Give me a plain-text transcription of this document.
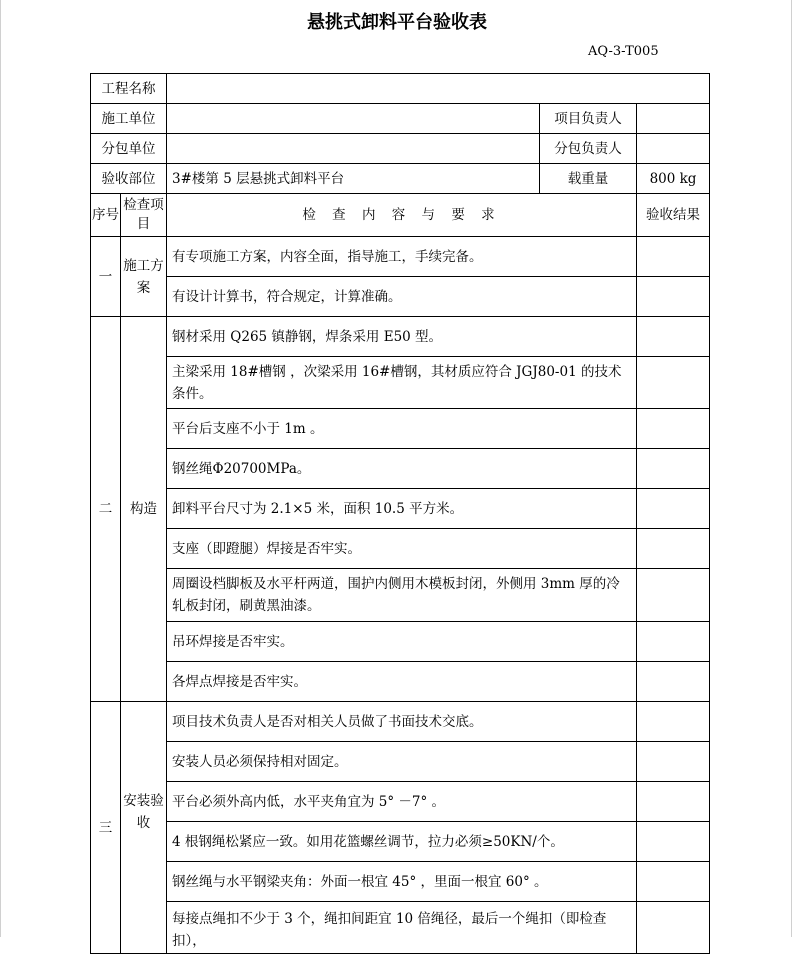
悬挑式卸料平台验收表
AQ-3-T005
工程名称				
施工单位			项目负责人	
分包单位			分包负责人	
验收部位		3#楼第 5 层悬挑式卸料平台	载重量	800 kg
序号	检查项目	检 查 内 容 与 要 求		验收结果
一	施工方案	有专项施工方案，内容全面，指导施工，手续完备。		
		有设计计算书，符合规定，计算准确。		
二	构造	钢材采用 Q265 镇静钢，焊条采用 E50 型。		
		主梁采用 18#槽钢 ，次梁采用 16#槽钢，其材质应符合 JGJ80-01 的技术条件。		
		平台后支座不小于 1m 。		
		钢丝绳Φ20700MPa。		
		卸料平台尺寸为 2.1×5 米，面积 10.5 平方米。		
		支座（即蹬腿）焊接是否牢实。		
		周圈设档脚板及水平杆两道，围护内侧用木模板封闭，外侧用 3mm 厚的冷轧板封闭，刷黄黑油漆。		
		吊环焊接是否牢实。		
		各焊点焊接是否牢实。		
三	安装验收	项目技术负责人是否对相关人员做了书面技术交底。		
		安装人员必须保持相对固定。		
		平台必须外高内低，水平夹角宜为 5° －7° 。		
		4 根钢绳松紧应一致。如用花篮螺丝调节，拉力必须≥50KN/个。		
		钢丝绳与水平钢梁夹角：外面一根宜 45° ，里面一根宜 60° 。		
		每接点绳扣不少于 3 个，绳扣间距宜 10 倍绳径，最后一个绳扣（即检查扣），		
